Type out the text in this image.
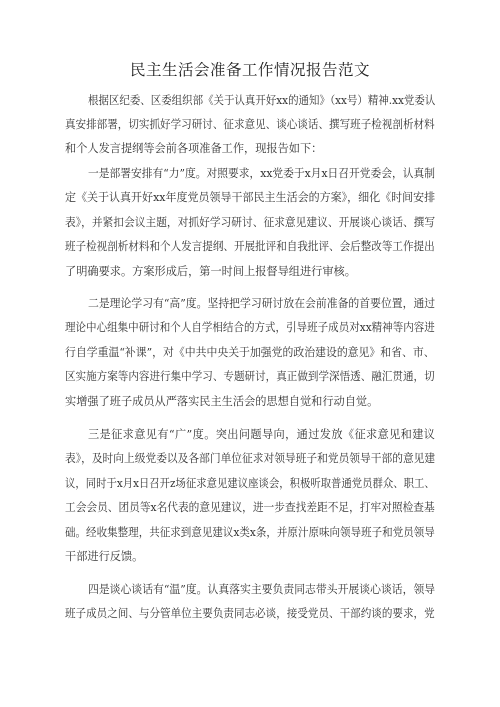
民主生活会准备工作情况报告范文
根据区纪委、区委组织部《关于认真开好xx的通知》（xx号）精神.xx党委认
真安排部署，切实抓好学习研讨、征求意见、谈心谈话、撰写班子检视剖析材料
和个人发言提纲等会前各项准备工作，现报告如下：
一是部署安排有“力”度。对照要求，xx党委于x月x日召开党委会，认真制
定《关于认真开好xx年度党员领导干部民主生活会的方案》，细化《时间安排
表》，并紧扣会议主题，对抓好学习研讨、征求意见建议、开展谈心谈话、撰写
班子检视剖析材料和个人发言提纲、开展批评和自我批评、会后整改等工作提出
了明确要求。方案形成后，第一时间上报督导组进行审核。
二是理论学习有“高”度。坚持把学习研讨放在会前准备的首要位置，通过
理论中心组集中研讨和个人自学相结合的方式，引导班子成员对xx精神等内容进
行自学重温“补课”，对《中共中央关于加强党的政治建设的意见》和省、市、
区实施方案等内容进行集中学习、专题研讨，真正做到学深悟透、融汇贯通，切
实增强了班子成员从严落实民主生活会的思想自觉和行动自觉。
三是征求意见有“广”度。突出问题导向，通过发放《征求意见和建议
表》，及时向上级党委以及各部门单位征求对领导班子和党员领导干部的意见建
议，同时于x月x日召开z场征求意见建议座谈会，积极听取普通党员群众、职工、
工会会员、团员等x名代表的意见建议，进一步查找差距不足，打牢对照检查基
础。经收集整理，共征求到意见建议x类x条，并原汁原味向领导班子和党员领导
干部进行反馈。
四是谈心谈话有“温”度。认真落实主要负责同志带头开展谈心谈话，领导
班子成员之间、与分管单位主要负责同志必谈，接受党员、干部约谈的要求，党
